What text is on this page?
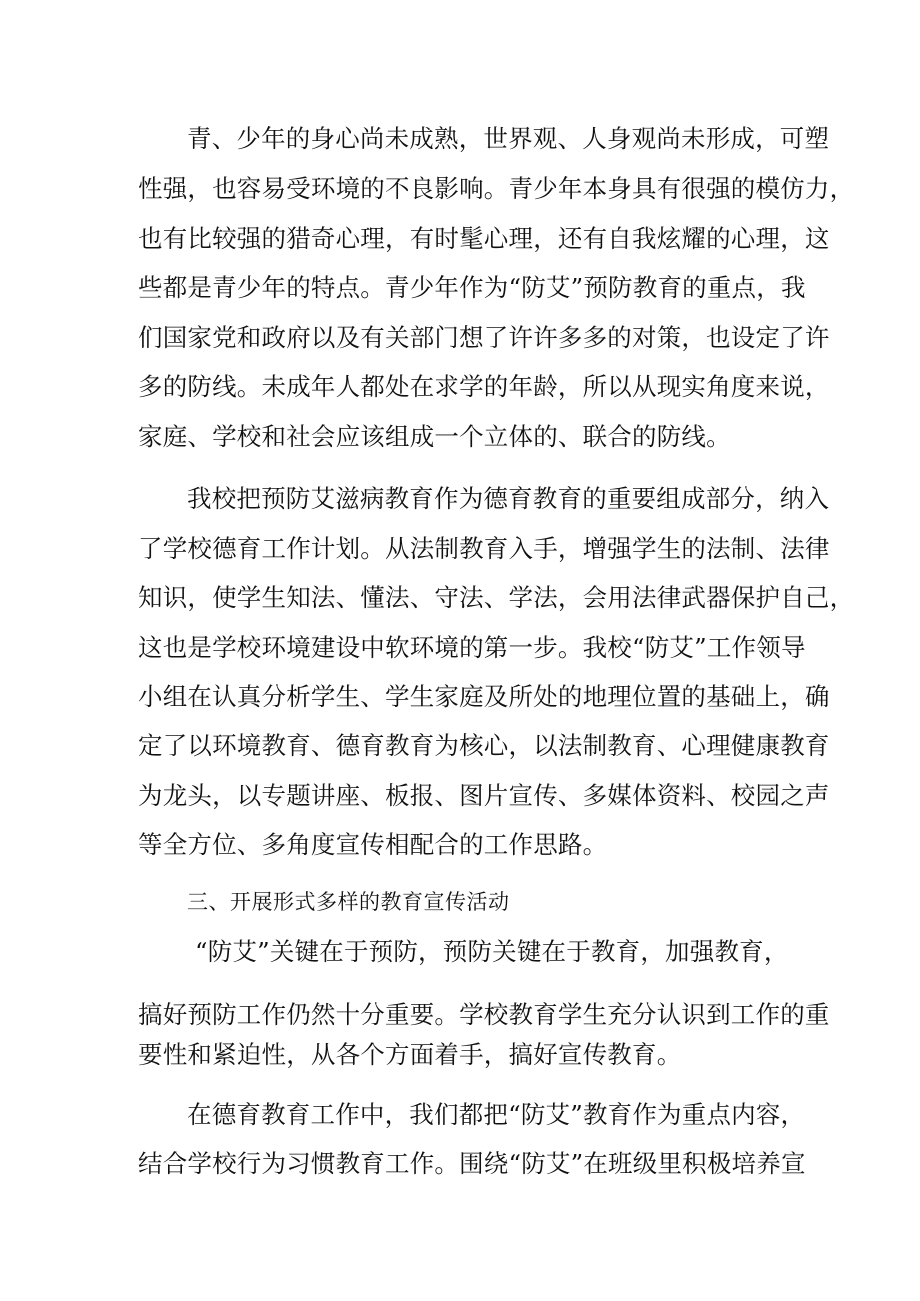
青、少年的身心尚未成熟，世界观、人身观尚未形成，可塑
性强，也容易受环境的不良影响。青少年本身具有很强的模仿力，
也有比较强的猎奇心理，有时髦心理，还有自我炫耀的心理，这
些都是青少年的特点。青少年作为“防艾”预防教育的重点，我
们国家党和政府以及有关部门想了许许多多的对策，也设定了许
多的防线。未成年人都处在求学的年龄，所以从现实角度来说，
家庭、学校和社会应该组成一个立体的、联合的防线。
我校把预防艾滋病教育作为德育教育的重要组成部分，纳入
了学校德育工作计划。从法制教育入手，增强学生的法制、法律
知识，使学生知法、懂法、守法、学法，会用法律武器保护自己，
这也是学校环境建设中软环境的第一步。我校“防艾”工作领导
小组在认真分析学生、学生家庭及所处的地理位置的基础上，确
定了以环境教育、德育教育为核心，以法制教育、心理健康教育
为龙头，以专题讲座、板报、图片宣传、多媒体资料、校园之声
等全方位、多角度宣传相配合的工作思路。
三、开展形式多样的教育宣传活动
“防艾”关键在于预防，预防关键在于教育，加强教育，
搞好预防工作仍然十分重要。学校教育学生充分认识到工作的重
要性和紧迫性，从各个方面着手，搞好宣传教育。
在德育教育工作中，我们都把“防艾”教育作为重点内容，
结合学校行为习惯教育工作。围绕“防艾”在班级里积极培养宣
